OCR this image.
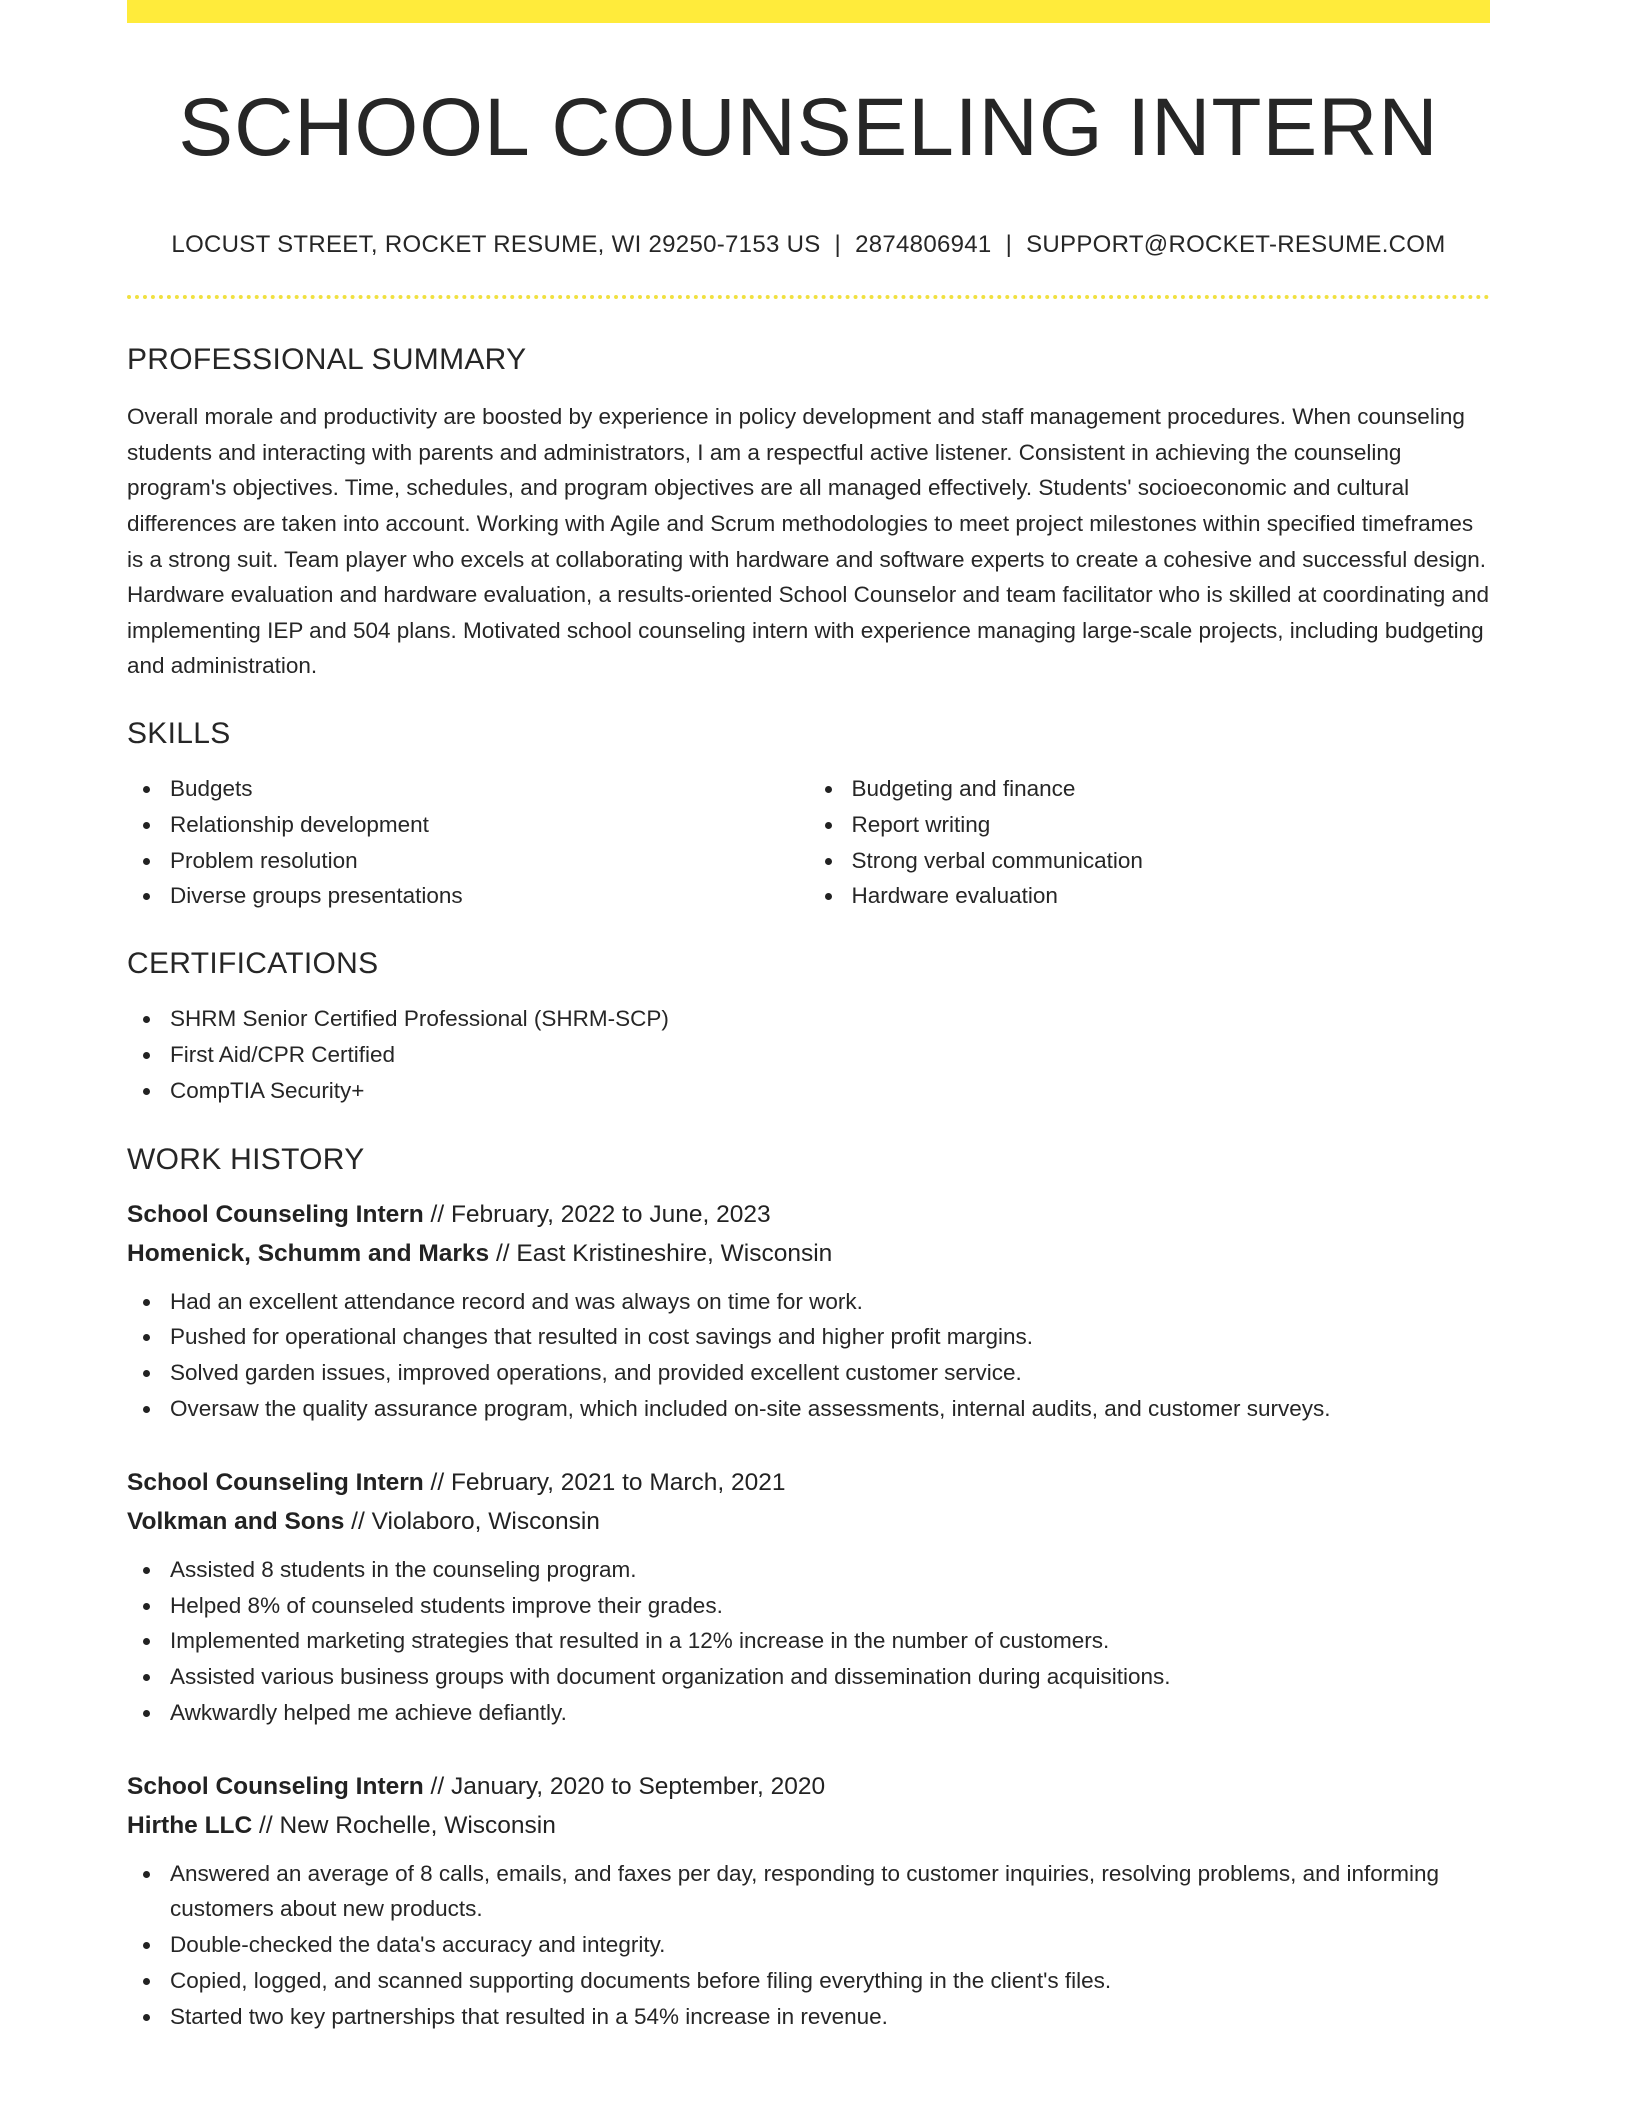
SCHOOL COUNSELING INTERN
LOCUST STREET, ROCKET RESUME, WI 29250-7153 US | 2874806941 | SUPPORT@ROCKET-RESUME.COM
PROFESSIONAL SUMMARY

Overall morale and productivity are boosted by experience in policy development and staff management procedures. When counseling students and interacting with parents and administrators, I am a respectful active listener. Consistent in achieving the counseling program's objectives. Time, schedules, and program objectives are all managed effectively. Students' socioeconomic and cultural differences are taken into account. Working with Agile and Scrum methodologies to meet project milestones within specified timeframes is a strong suit. Team player who excels at collaborating with hardware and software experts to create a cohesive and successful design. Hardware evaluation and hardware evaluation, a results-oriented School Counselor and team facilitator who is skilled at coordinating and implementing IEP and 504 plans. Motivated school counseling intern with experience managing large-scale projects, including budgeting and administration.

SKILLS
Budgets
Relationship development
Problem resolution
Diverse groups presentations
Budgeting and finance
Report writing
Strong verbal communication
Hardware evaluation
CERTIFICATIONS
SHRM Senior Certified Professional (SHRM-SCP)
First Aid/CPR Certified
CompTIA Security+
WORK HISTORY
School Counseling Intern // February, 2022 to June, 2023
Homenick, Schumm and Marks // East Kristineshire, Wisconsin
Had an excellent attendance record and was always on time for work.
Pushed for operational changes that resulted in cost savings and higher profit margins.
Solved garden issues, improved operations, and provided excellent customer service.
Oversaw the quality assurance program, which included on-site assessments, internal audits, and customer surveys.
School Counseling Intern // February, 2021 to March, 2021
Volkman and Sons // Violaboro, Wisconsin
Assisted 8 students in the counseling program.
Helped 8% of counseled students improve their grades.
Implemented marketing strategies that resulted in a 12% increase in the number of customers.
Assisted various business groups with document organization and dissemination during acquisitions.
Awkwardly helped me achieve defiantly.
School Counseling Intern // January, 2020 to September, 2020
Hirthe LLC // New Rochelle, Wisconsin
Answered an average of 8 calls, emails, and faxes per day, responding to customer inquiries, resolving problems, and informing customers about new products.
Double-checked the data's accuracy and integrity.
Copied, logged, and scanned supporting documents before filing everything in the client's files.
Started two key partnerships that resulted in a 54% increase in revenue.
